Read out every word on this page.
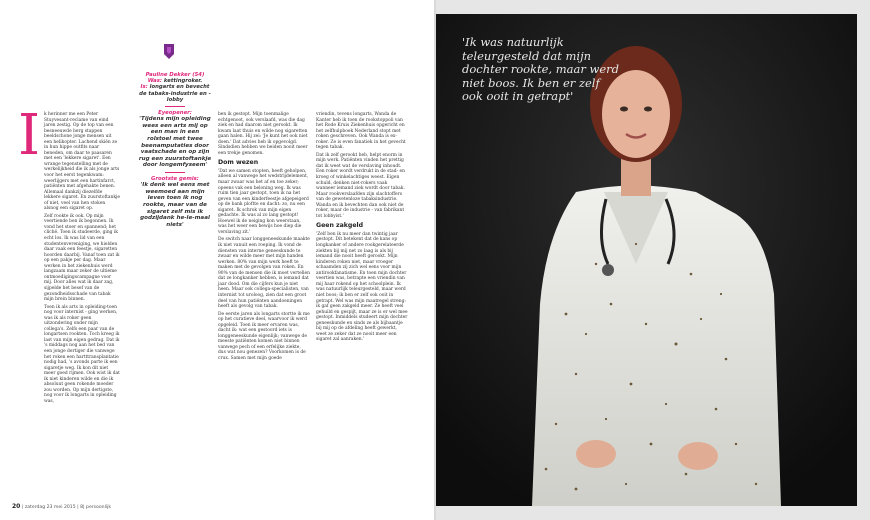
Pauline Dekker (54)
Was: kettingroker.
Is: longarts en bevecht de tabaks-industrie en -lobby
Eyeopener:
'Tijdens mijn opleiding wees een arts mij op een man in een rolstoel met twee beenamputaties door vaatschade en op zijn rug een zuurstoftankje door longemfyseem'
Grootste gemis:
'Ik denk wel eens met weemoed aan mijn leven toen ik nog rookte, maar van de sigaret zelf mis ik godzijdank he-le-maal niets'
I k herinner me een Peter Stuyvesant-reclame van eind jaren zestig. Op de top van een besneeuwde berg stappen beeldschone jonge mensen uit een helikopter. Lachend skiën ze in hun hippe outfits naar beneden, om daar te paasaren met een 'lekkere sigaret'. Een wrange tegenstelling met de werkelijkheid die ik als jonge arts voor het eerst tegenkwam: weerlijgers met een hartinfarct, patiënten met afgehakte benen. Allemaal dankzij diezelfde lekkere sigaret. En zuurstoftankje of niet, veel van hen stoken alsnog een sigaret op.

Zelf rookte ik ook. Op mijn veertiende ben ik begonnen. Ik vond het stoer en spannend; het clichë. Toen ik studeerde, ging ik echt los. Ik was lid van een studentenvereniging, we hielden daar vaak een feestje, sigaretten hoorden daarbij. Vanaf toen zat ik op een pakje per dag. Maar werken in het ziekenhuis werd langzaam maar zeker de ultieme ontmoedigingscampagne voor mij. Door alles wat ik daar zag, sijpelde het besef van de gezondheidsschade van tabak mijn brein binnen.

Toen ik als arts in opleiding-toen nog voor internist - ging werken, was ik als roker geen uitzondering onder mijn collega's. Zelfs een paar van de longartsen rookten. Toch kreeg ik last van mijn eigen gedrag. Dat ik 's middags nog aan het bed van een jonge dertiger die vanwege het roken een hartttransplantatie nodig had, 's avonds parte ik een sigaretje weg. Ik kon dit niet meer goed rijmen. Ook wist ik dat ik niet kinderen wilde en die ik absoluut geen rokende moeder zou worden. Op mijn dertigste, nog voor ik longarts in opleiding was,

ben ik gestopt. Mijn toenmalige echtgenoot, ook verslaafd, was die dag ziek en had daarom niet gerookt. Ik kwam laat thuis en wilde nog sigaretten gaan halen. Hij zei: 'Je kunt het ook niet doen.' Dat advies heb ik opgevolgd. Sindsdien hebben we beiden nooit meer een trekje genomen.

Dom wezen

'Dat we samen stopten, heeft geholpen, alleen al vanwege het wedstrijdelement, maar zwaar was het af en toe zeker; opeens vak een beloning weg. Ik was ruim tien jaar gestopt, toen ik na het geven van een kinderfeestje afgepeigerd op de bank ploftte en dacht: zo, nu een sigaret. Ik schrok van mijn eigen gedachte. Ik was al zo lang gestopt! Hoewel ik de neiging kon weerstaan, was het weer een bewijs hoe diep die verslaving zit.'

De switch naar longgeneeskunde maakte ik niet vanuit een roeping. Ik vond de diensten van interne geneeskunde te zwaar en wilde meer met mijn handen werken. 80% van mijn werk heeft te maken met de gevolgen van roken. En 90% van de mensen die ik moet vertellen dat ze longkanker hebben, is iemand dat jaar dood. Om die cijfers kun je niet heen. Maar ook collega-specialisten, van internist tot uroloog, zien dat een groot deel van hun patiënten aandoeningen heeft als gevolg van tabak.

De eerste jaren als longarts stortte ik me op het curatieve deel, waarvoor ik werd opgeleid. Toen ik meer ervaren was, dacht ik: wat een gestoord iets is longgeneeskunde eigenlijk; vanwege de meeste patiënten komen niet binnen vanwege pech of een erfelijke ziekte, dus wat nou genezen? Voorkomen is de crux. Samen met mijn goede

vriendin, tevens longarts, Wanda de Kanter heb ik toen de rookstoppoli van het Rode Kruis Ziekenhuis opgericht en het zelfhulpboek Nederland stopt met roken geschreven. Ook Wanda is ex-roker. Ze is even fanatiek in het gevecht tegen tabak.

Dat ik zelf gerookt heb, helpt enorm in mijn werk. Patiënten vinden het prettig dat ik weet wat de verslaving inhoudt. Een roker wordt verdrukt in de stad- en kroeg of winkelachtiges weest. Eigen schuld, denken niet-rokers vaak wanneer iemand ziek wordt door tabak. Maar rookverslaafden zijn slachtoffers van de gewetenloze tabaksindustrie. Wanda en ik bevechten dan ook niet de roker, maar de industrie - van fabrikant tot lobbyist.'

Geen zakgeld

'Zelf ben ik nu meer dan twintig jaar gestopt. Dit betekent dat de kans op longkanker of andere rookgerelateerde ziekten bij mij net zo laag is als bij iemand die nooit heeft gerookt. Mijn kinderen roken niet, maar vroeger schaamden zij zich wel eens voor mijn antirookfanatisme. En toen mijn dochter veertien was, betrapte een vriendin van mij haar rokend op het schoolplein. Ik was natuurlijk teleurgesteld, maar werd niet boos; ik ben er zelf ook ooit in getrapt. Wel was mijn maatregel streng: ik gaf geen zakgeld meer. Ze heeft veel gehuild en gespijt, maar ze is er wel mee gestopt. Inmiddels studeert mijn dochter geneeskunde en sinds ze als bijbaantje bij mij op de afdeling heeft gewerkt, weet ze zeker dat ze nooit meer een sigaret zal aanraken.'

20 | zaterdag 23 mei 2015 | 8| persoonlijk
'Ik was natuurlijk teleurgesteld dat mijn dochter rookte, maar werd niet boos. Ik ben er zelf ook ooit in getrapt'
